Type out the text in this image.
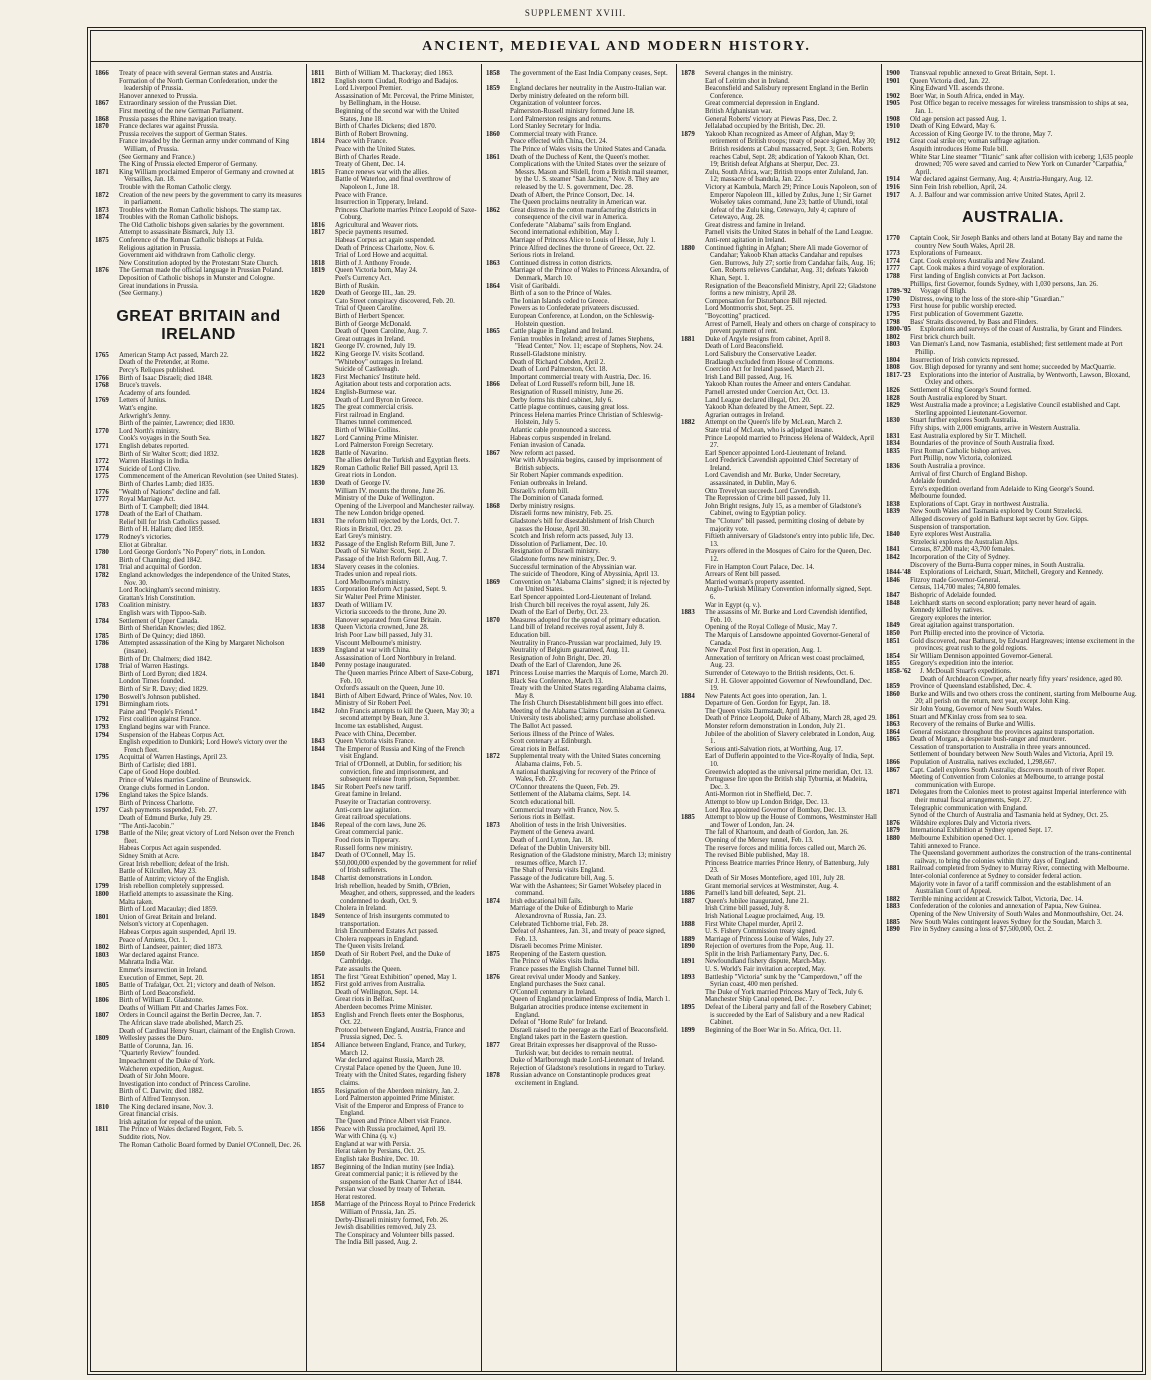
SUPPLEMENT XVIII.
ANCIENT, MEDIEVAL AND MODERN HISTORY.
1866	Treaty of peace with several German states and Austria.
Formation of the North German Confederation, under the leadership of Prussia.
Hanover annexed to Prussia.
1867	Extraordinary session of the Prussian Diet.
First meeting of the new German Parliament.
1868	Prussia passes the Rhine navigation treaty.
1870	France declares war against Prussia.
Prussia receives the support of German States.
France invaded by the German army under command of King William, of Prussia.
(See Germany and France.)
The King of Prussia elected Emperor of Germany.
1871	King William proclaimed Emperor of Germany and crowned at Versailles, Jan. 18.
Trouble with the Roman Catholic clergy.
1872	Creation of the new peers by the government to carry its measures in parliament.
1873	Troubles with the Roman Catholic bishops. The stamp tax.
1874	Troubles with the Roman Catholic bishops.
The Old Catholic bishops given salaries by the government.
Attempt to assassinate Bismarck, July 13.
1875	Conference of the Roman Catholic bishops at Fulda.
Religious agitation in Prussia.
Government aid withdrawn from Catholic clergy.
New Constitution adopted by the Protestant State Church.
1876	The German made the official language in Prussian Poland.
Deposition of Catholic bishops in Munster and Cologne.
Great inundations in Prussia.
(See Germany.)
GREAT BRITAIN and IRELAND
1765	American Stamp Act passed, March 22.
Death of the Pretender, at Rome.
Percy's Reliques published.
1766	Birth of Isaac Disraeli; died 1848.
1768	Bruce's travels.
Academy of arts founded.
1769	Letters of Junius.
Watt's engine.
Arkwright's Jenny.
Birth of the painter, Lawrence; died 1830.
1770	Lord North's ministry.
Cook's voyages in the South Sea.
1771	English debates reported.
Birth of Sir Walter Scott; died 1832.
1772	Warren Hastings in India.
1774	Suicide of Lord Clive.
1775	Commencement of the American Revolution (see United States).
Birth of Charles Lamb; died 1835.
1776	"Wealth of Nations" decline and fall.
1777	Royal Marriage Act.
Birth of T. Campbell; died 1844.
1778	Death of the Earl of Chatham.
Relief bill for Irish Catholics passed.
Birth of H. Hallam; died 1859.
1779	Rodney's victories.
Eliot at Gibraltar.
1780	Lord George Gordon's "No Popery" riots, in London.
Birth of Channing; died 1842.
1781	Trial and acquittal of Gordon.
1782	England acknowledges the independence of the United States, Nov. 30.
Lord Rockingham's second ministry.
Grattan's Irish Constitution.
1783	Coalition ministry.
English wars with Tippoo-Saib.
1784	Settlement of Upper Canada.
Birth of Sheridan Knowles; died 1862.
1785	Birth of De Quincy; died 1860.
1786	Attempted assassination of the King by Margaret Nicholson (insane).
Birth of Dr. Chalmers; died 1842.
1788	Trial of Warren Hastings.
Birth of Lord Byron; died 1824.
London Times founded.
Birth of Sir R. Davy; died 1829.
1790	Boswell's Johnson published.
1791	Birmingham riots.
Paine and "People's Friend."
1792	First coalition against France.
1793	England begins war with France.
1794	Suspension of the Habeas Corpus Act.
English expedition to Dunkirk; Lord Howe's victory over the French fleet.
1795	Acquittal of Warren Hastings, April 23.
Birth of Carlisle; died 1881.
Cape of Good Hope doubled.
Prince of Wales marries Caroline of Brunswick.
Orange clubs formed in London.
1796	England takes the Spice Islands.
Birth of Princess Charlotte.
1797	Cash payments suspended, Feb. 27.
Death of Edmund Burke, July 29.
"The Anti-Jacobin."
1798	Battle of the Nile; great victory of Lord Nelson over the French fleet.
Habeas Corpus Act again suspended.
Sidney Smith at Acre.
Great Irish rebellion; defeat of the Irish.
Battle of Kilcullen, May 23.
Battle of Antrim; victory of the English.
1799	Irish rebellion completely suppressed.
1800	Hatfield attempts to assassinate the King.
Malta taken.
Birth of Lord Macaulay; died 1859.
1801	Union of Great Britain and Ireland.
Nelson's victory at Copenhagen.
Habeas Corpus again suspended, April 19.
Peace of Amiens, Oct. 1.
1802	Birth of Landseer, painter; died 1873.
1803	War declared against France.
Mahratta India War.
Emmet's insurrection in Ireland.
Execution of Emmet, Sept. 20.
1805	Battle of Trafalgar, Oct. 21; victory and death of Nelson.
Birth of Lord Beaconsfield.
1806	Birth of William E. Gladstone.
Deaths of William Pitt and Charles James Fox.
1807	Orders in Council against the Berlin Decree, Jan. 7.
The African slave trade abolished, March 25.
Death of Cardinal Henry Stuart, claimant of the English Crown.
1809	Wellesley passes the Duro.
Battle of Corunna, Jan. 16.
"Quarterly Review" founded.
Impeachment of the Duke of York.
Walcheren expedition, August.
Death of Sir John Moore.
Investigation into conduct of Princess Caroline.
Birth of C. Darwin; died 1882.
Birth of Alfred Tennyson.
1810	The King declared insane, Nov. 3.
Great financial crisis.
Irish agitation for repeal of the union.
1811	The Prince of Wales declared Regent, Feb. 5.
Suddite riots, Nov.
The Roman Catholic Board formed by Daniel O'Connell, Dec. 26.
1811	Birth of William M. Thackeray; died 1863.
1812	English storm Ciudad, Rodrigo and Badajos.
Lord Liverpool Premier.
Assassination of Mr. Perceval, the Prime Minister, by Bellingham, in the House.
Beginning of the second war with the United States, June 18.
Birth of Charles Dickens; died 1870.
Birth of Robert Browning.
1814	Peace with France.
Peace with the United States.
Birth of Charles Reade.
Treaty of Ghent, Dec. 14.
1815	France renews war with the allies.
Battle of Waterloo, and final overthrow of Napoleon I., June 18.
Peace with France.
Insurrection in Tipperary, Ireland.
Princess Charlotte marries Prince Leopold of Saxe-Coburg.
1816	Agricultural and Weaver riots.
1817	Specie payments resumed.
Habeas Corpus act again suspended.
Death of Princess Charlotte, Nov. 6.
Trial of Lord Howe and acquittal.
1818	Birth of J. Anthony Froude.
1819	Queen Victoria born, May 24.
Peel's Currency Act.
Birth of Ruskin.
1820	Death of George III., Jan. 29.
Cato Street conspiracy discovered, Feb. 20.
Trial of Queen Caroline.
Birth of Herbert Spencer.
Birth of George McDonald.
Death of Queen Caroline, Aug. 7.
Great outrages in Ireland.
1821	George IV. crowned, July 19.
1822	King George IV. visits Scotland.
"Whiteboy" outrages in Ireland.
Suicide of Castlereagh.
1823	First Mechanics' Institute held.
Agitation about tests and corporation acts.
1824	English-Burmese war.
Death of Lord Byron in Greece.
1825	The great commercial crisis.
First railroad in England.
Thames tunnel commenced.
Birth of Wilkie Collins.
1827	Lord Canning Prime Minister.
Lord Palmerston Foreign Secretary.
1828	Battle of Navarino.
The allies defeat the Turkish and Egyptian fleets.
1829	Roman Catholic Relief Bill passed, April 13.
Great riots in London.
1830	Death of George IV.
William IV. mounts the throne, June 26.
Ministry of the Duke of Wellington.
Opening of the Liverpool and Manchester railway.
The new London bridge opened.
1831	The reform bill rejected by the Lords, Oct. 7.
Riots in Bristol, Oct. 29.
Earl Grey's ministry.
1832	Passage of the English Reform Bill, June 7.
Death of Sir Walter Scott, Sept. 2.
Passage of the Irish Reform Bill, Aug. 7.
1834	Slavery ceases in the colonies.
Trades union and repeal riots.
Lord Melbourne's ministry.
1835	Corporation Reform Act passed, Sept. 9.
Sir Walter Peel Prime Minister.
1837	Death of William IV.
Victoria succeeds to the throne, June 20.
Hanover separated from Great Britain.
1838	Queen Victoria crowned, June 28.
Irish Poor Law bill passed, July 31.
Viscount Melbourne's ministry.
1839	England at war with China.
Assassination of Lord Northbury in Ireland.
1840	Penny postage inaugurated.
The Queen marries Prince Albert of Saxe-Coburg, Feb. 10.
Oxford's assault on the Queen, June 10.
1841	Birth of Albert Edward, Prince of Wales, Nov. 10.
Ministry of Sir Robert Peel.
1842	John Francis attempts to kill the Queen, May 30; a second attempt by Bean, June 3.
Income tax established, August.
Peace with China, December.
1843	Queen Victoria visits France.
1844	The Emperor of Russia and King of the French visit England.
Trial of O'Donnell, at Dublin, for sedition; his conviction, fine and imprisonment, and subsequent release from prison, September.
1845	Sir Robert Peel's new tariff.
Great famine in Ireland.
Puseyite or Tractarian controversy.
Anti-corn law agitation.
Great railroad speculations.
1846	Repeal of the corn laws, June 26.
Great commercial panic.
Food riots in Tipperary.
Russell forms new ministry.
1847	Death of O'Connell, May 15.
$50,000,000 expended by the government for relief of Irish sufferers.
1848	Chartist demonstrations in London.
Irish rebellion, headed by Smith, O'Brien, Meagher, and others, suppressed, and the leaders condemned to death, Oct. 9.
Cholera in Ireland.
1849	Sentence of Irish insurgents commuted to transportation.
Irish Encumbered Estates Act passed.
Cholera reappears in England.
The Queen visits Ireland.
1850	Death of Sir Robert Peel, and the Duke of Cambridge.
Pate assaults the Queen.
1851	The first "Great Exhibition" opened, May 1.
1852	First gold arrives from Australia.
Death of Wellington, Sept. 14.
Great riots in Belfast.
Aberdeen becomes Prime Minister.
1853	English and French fleets enter the Bosphorus, Oct. 22.
Protocol between England, Austria, France and Prussia signed, Dec. 5.
1854	Alliance between England, France, and Turkey, March 12.
War declared against Russia, March 28.
Crystal Palace opened by the Queen, June 10.
Treaty with the United States, regarding fishery claims.
1855	Resignation of the Aberdeen ministry, Jan. 2.
Lord Palmerston appointed Prime Minister.
Visit of the Emperor and Empress of France to England.
The Queen and Prince Albert visit France.
1856	Peace with Russia proclaimed, April 19.
War with China (q. v.)
England at war with Persia.
Herat taken by Persians, Oct. 25.
English take Bushire, Dec. 10.
1857	Beginning of the Indian mutiny (see India).
Great commercial panic; it is relieved by the suspension of the Bank Charter Act of 1844.
Persian war closed by treaty of Teheran.
Herat restored.
1858	Marriage of the Princess Royal to Prince Frederick William of Prussia, Jan. 25.
Derby-Disraeli ministry formed, Feb. 26.
Jewish disabilities removed, July 23.
The Conspiracy and Volunteer bills passed.
The India Bill passed, Aug. 2.
1858	The government of the East India Company ceases, Sept. 1.
1859	England declares her neutrality in the Austro-Italian war.
Derby ministry defeated on the reform bill.
Organization of volunteer forces.
Palmerston-Russell ministry formed June 18.
Lord Palmerston resigns and returns.
Lord Stanley Secretary for India.
1860	Commercial treaty with France.
Peace effected with China, Oct. 24.
The Prince of Wales visits the United States and Canada.
1861	Death of the Duchess of Kent, the Queen's mother.
Complications with the United States over the seizure of Messrs. Mason and Slidell, from a British mail steamer, by the U. S. steamer "San Jacinto," Nov. 8. They are released by the U. S. government, Dec. 28.
Death of Albert, the Prince Consort, Dec. 14.
The Queen proclaims neutrality in American war.
1862	Great distress in the cotton manufacturing districts in consequence of the civil war in America.
Confederate "Alabama" sails from England.
Second international exhibition, May 1.
Marriage of Princess Alice to Louis of Hesse, July 1.
Prince Alfred declines the throne of Greece, Oct. 22.
Serious riots in Ireland.
1863	Continued distress in cotton districts.
Marriage of the Prince of Wales to Princess Alexandra, of Denmark, March 10.
1864	Visit of Garibaldi.
Birth of a son to the Prince of Wales.
The Ionian Islands ceded to Greece.
Powers as to Confederate privateers discussed.
European Conference, at London, on the Schleswig-Holstein question.
1865	Cattle plague in England and Ireland.
Fenian troubles in Ireland; arrest of James Stephens, "Head Center," Nov. 11; escape of Stephens, Nov. 24.
Russell-Gladstone ministry.
Death of Richard Cobden, April 2.
Death of Lord Palmerston, Oct. 18.
Important commercial treaty with Austria, Dec. 16.
1866	Defeat of Lord Russell's reform bill, June 18.
Resignation of Russell ministry, June 26.
Derby forms his third cabinet, July 6.
Cattle plague continues, causing great loss.
Princess Helena marries Prince Christian of Schleswig-Holstein, July 5.
Atlantic cable pronounced a success.
Habeas corpus suspended in Ireland.
Fenian invasion of Canada.
1867	New reform act passed.
War with Abyssinia begins, caused by imprisonment of British subjects.
Sir Robert Napier commands expedition.
Fenian outbreaks in Ireland.
Disraeli's reform bill.
The Dominion of Canada formed.
1868	Derby ministry resigns.
Disraeli forms new ministry, Feb. 25.
Gladstone's bill for disestablishment of Irish Church passes the House, April 30.
Scotch and Irish reform acts passed, July 13.
Dissolution of Parliament, Dec. 10.
Resignation of Disraeli ministry.
Gladstone forms new ministry, Dec. 9.
Successful termination of the Abyssinian war.
The suicide of Theodore, King of Abyssinia, April 13.
1869	Convention on "Alabama Claims" signed; it is rejected by the United States.
Earl Spencer appointed Lord-Lieutenant of Ireland.
Irish Church bill receives the royal assent, July 26.
Death of the Earl of Derby, Oct. 23.
1870	Measures adopted for the spread of primary education.
Land bill of Ireland receives royal assent, July 8.
Education bill.
Neutrality in Franco-Prussian war proclaimed, July 19.
Neutrality of Belgium guaranteed, Aug. 11.
Resignation of John Bright, Dec. 20.
Death of the Earl of Clarendon, June 26.
1871	Princess Louise marries the Marquis of Lorne, March 20.
Black Sea Conference, March 13.
Treaty with the United States regarding Alabama claims, May 8.
The Irish Church Disestablishment bill goes into effect.
Meeting of the Alabama Claims Commission at Geneva.
University tests abolished; army purchase abolished.
The Ballot Act passed.
Serious illness of the Prince of Wales.
Scott centenary at Edinburgh.
Great riots in Belfast.
1872	Supplemental treaty with the United States concerning Alabama claims, Feb. 5.
A national thanksgiving for recovery of the Prince of Wales, Feb. 27.
O'Connor threatens the Queen, Feb. 29.
Settlement of the Alabama claims, Sept. 14.
Scotch educational bill.
Commercial treaty with France, Nov. 5.
Serious riots in Belfast.
1873	Abolition of tests in the Irish Universities.
Payment of the Geneva award.
Death of Lord Lytton, Jan. 18.
Defeat of the Dublin University bill.
Resignation of the Gladstone ministry, March 13; ministry resumes office, March 17.
The Shah of Persia visits England.
Passage of the Judicature bill, Aug. 5.
War with the Ashantees; Sir Garnet Wolseley placed in command.
1874	Irish educational bill fails.
Marriage of the Duke of Edinburgh to Marie Alexandrovna of Russia, Jan. 23.
Celebrated Tichborne trial, Feb. 28.
Defeat of Ashantees, Jan. 31, and treaty of peace signed, Feb. 13.
Disraeli becomes Prime Minister.
1875	Reopening of the Eastern question.
The Prince of Wales visits India.
France passes the English Channel Tunnel bill.
1876	Great revival under Moody and Sankey.
England purchases the Suez canal.
O'Connell centenary in Ireland.
Queen of England proclaimed Empress of India, March 1.
Bulgarian atrocities produce intense excitement in England.
Defeat of "Home Rule" for Ireland.
Disraeli raised to the peerage as the Earl of Beaconsfield.
England takes part in the Eastern question.
1877	Great Britain expresses her disapproval of the Russo-Turkish war, but decides to remain neutral.
Duke of Marlborough made Lord-Lieutenant of Ireland.
Rejection of Gladstone's resolutions in regard to Turkey.
1878	Russian advance on Constantinople produces great excitement in England.
1878	Several changes in the ministry.
Earl of Leitrim shot in Ireland.
Beaconsfield and Salisbury represent England in the Berlin Conference.
Great commercial depression in England.
British Afghanistan war.
General Roberts' victory at Piewas Pass, Dec. 2.
Jellalabad occupied by the British, Dec. 20.
1879	Yakoob Khan recognized as Ameer of Afghan, May 9; retirement of British troops; treaty of peace signed, May 30; British residents at Cabul massacred, Sept. 3; Gen. Roberts reaches Cabul, Sept. 28; abdication of Yakoob Khan, Oct. 19; British defeat Afghans at Sherpur, Dec. 23.
Zulu, South Africa, war; British troops enter Zululand, Jan. 12; massacre of Isandula, Jan. 22.
Victory at Kambula, March 29; Prince Louis Napoleon, son of Emperor Napoleon III., killed by Zulus, June 1; Sir Garnet Wolseley takes command, June 23; battle of Ulundi, total defeat of the Zulu king, Cetewayo, July 4; capture of Cetewayo, Aug. 28.
Great distress and famine in Ireland.
Parnell visits the United States in behalf of the Land League.
Anti-rent agitation in Ireland.
1880	Continued fighting in Afghan; Shere Ali made Governor of Candahar; Yakoob Khan attacks Candahar and repulses Gen. Burrows, July 27; sortie from Candahar fails, Aug. 16; Gen. Roberts relieves Candahar, Aug. 31; defeats Yakoob Khan, Sept. 1.
Resignation of the Beaconsfield Ministry, April 22; Gladstone forms a new ministry, April 28.
Compensation for Disturbance Bill rejected.
Lord Montmorris shot, Sept. 25.
"Boycotting" practiced.
Arrest of Parnell, Healy and others on charge of conspiracy to prevent payment of rent.
1881	Duke of Argyle resigns from cabinet, April 8.
Death of Lord Beaconsfield.
Lord Salisbury the Conservative Leader.
Bradlaugh excluded from House of Commons.
Coercion Act for Ireland passed, March 21.
Irish Land Bill passed, Aug. 16.
Yakoob Khan routes the Ameer and enters Candahar.
Parnell arrested under Coercion Act, Oct. 13.
Land League declared illegal, Oct. 20.
Yakoob Khan defeated by the Ameer, Sept. 22.
Agrarian outrages in Ireland.
1882	Attempt on the Queen's life by McLean, March 2.
State trial of McLean, who is adjudged insane.
Prince Leopold married to Princess Helena of Waldeck, April 27.
Earl Spencer appointed Lord-Lieutenant of Ireland.
Lord Frederick Cavendish appointed Chief Secretary of Ireland.
Lord Cavendish and Mr. Burke, Under Secretary, assassinated, in Dublin, May 6.
Otto Trevelyan succeeds Lord Cavendish.
The Repression of Crime bill passed, July 11.
John Bright resigns, July 15, as a member of Gladstone's Cabinet, owing to Egyptian policy.
The "Cloture" bill passed, permitting closing of debate by majority vote.
Fiftieth anniversary of Gladstone's entry into public life, Dec. 13.
Prayers offered in the Mosques of Cairo for the Queen, Dec. 12.
Fire in Hampton Court Palace, Dec. 14.
Arrears of Rent bill passed.
Married woman's property assented.
Anglo-Turkish Military Convention informally signed, Sept. 6.
War in Egypt (q. v.).
1883	The assassins of Mr. Burke and Lord Cavendish identified, Feb. 10.
Opening of the Royal College of Music, May 7.
The Marquis of Lansdowne appointed Governor-General of Canada.
New Parcel Post first in operation, Aug. 1.
Annexation of territory on African west coast proclaimed, Aug. 23.
Surrender of Cetewayo to the British residents, Oct. 6.
Sir J. H. Glover appointed Governor of Newfoundland, Dec. 19.
1884	New Patents Act goes into operation, Jan. 1.
Departure of Gen. Gordon for Egypt, Jan. 18.
The Queen visits Darmstadt, April 16.
Death of Prince Leopold, Duke of Albany, March 28, aged 29.
Monster reform demonstration in London, July 21.
Jubilee of the abolition of Slavery celebrated in London, Aug. 1.
Serious anti-Salvation riots, at Worthing, Aug. 17.
Earl of Dufferin appointed to the Vice-Royalty of India, Sept. 10.
Greenwich adopted as the universal prime meridian, Oct. 13.
Portuguese fire upon the British ship Tyburnia, at Madeira, Dec. 3.
Anti-Mormon riot in Sheffield, Dec. 7.
Attempt to blow up London Bridge, Dec. 13.
Lord Rea appointed Governor of Bombay, Dec. 13.
1885	Attempt to blow up the House of Commons, Westminster Hall and Tower of London, Jan. 24.
The fall of Khartoum, and death of Gordon, Jan. 26.
Opening of the Mersey tunnel, Feb. 13.
The reserve forces and militia forces called out, March 26.
The revised Bible published, May 18.
Princess Beatrice marries Prince Henry, of Battenburg, July 23.
Death of Sir Moses Montefiore, aged 101, July 28.
Grant memorial services at Westminster, Aug. 4.
1886	Parnell's land bill defeated, Sept. 21.
1887	Queen's Jubilee inaugurated, June 21.
Irish Crime bill passed, July 8.
Irish National League proclaimed, Aug. 19.
1888	First White Chapel murder, April 2.
U. S. Fishery Commission treaty signed.
1889	Marriage of Princess Louise of Wales, July 27.
1890	Rejection of overtures from the Pope, Aug. 11.
Split in the Irish Parliamentary Party, Dec. 6.
1891	Newfoundland fishery dispute, March-May.
U. S. World's Fair invitation accepted, May.
1893	Battleship "Victoria" sunk by the "Camperdown," off the Syrian coast, 400 men perished.
The Duke of York married Princess Mary of Teck, July 6.
Manchester Ship Canal opened, Dec. 7.
1895	Defeat of the Liberal party and fall of the Rosebery Cabinet; is succeeded by the Earl of Salisbury and a new Radical Cabinet.
1899	Beginning of the Boer War in So. Africa, Oct. 11.
1900	Transvaal republic annexed to Great Britain, Sept. 1.
1901	Queen Victoria died, Jan. 22.
King Edward VII. ascends throne.
1902	Boer War, in South Africa, ended in May.
1905	Post Office began to receive messages for wireless transmission to ships at sea, Jan. 1.
1908	Old age pension act passed Aug. 1.
1910	Death of King Edward, May 6.
Accession of King George IV. to the throne, May 7.
1912	Great coal strike on; woman suffrage agitation.
Asquith introduces Home Rule bill.
White Star Line steamer "Titanic" sank after collision with iceberg; 1,635 people drowned; 705 were saved and carried to New York on Cunarder "Carpathia," April.
1914	War declared against Germany, Aug. 4; Austria-Hungary, Aug. 12.
1916	Sinn Fein Irish rebellion, April, 24.
1917	A. J. Balfour and war commission arrive United States, April 2.
AUSTRALIA.
1770	Captain Cook, Sir Joseph Banks and others land at Botany Bay and name the country New South Wales, April 28.
1773	Explorations of Furneaux.
1774	Capt. Cook explores Australia and New Zealand.
1777	Capt. Cook makes a third voyage of exploration.
1788	First landing of English convicts at Port Jackson.
Phillips, first Governor, founds Sydney, with 1,030 persons, Jan. 26.
1789-'92	Voyage of Bligh.
1790	Distress, owing to the loss of the store-ship "Guardian."
1793	First house for public worship erected.
1795	First publication of Government Gazette.
1798	Bass' Straits discovered, by Bass and Flinders.
1800-'05	Explorations and surveys of the coast of Australia, by Grant and Flinders.
1802	First brick church built.
1803	Van Dieman's Land, now Tasmania, established; first settlement made at Port Phillip.
1804	Insurrection of Irish convicts repressed.
1808	Gov. Bligh deposed for tyranny and sent home; succeeded by MacQuarrie.
1817-'23	Explorations into the interior of Australia, by Wentworth, Lawson, Bloxand, Oxley and others.
1826	Settlement of King George's Sound formed.
1828	South Australia explored by Stuart.
1829	West Australia made a province; a Legislative Council established and Capt. Sterling appointed Lieutenant-Governor.
1830	Stuart further explores South Australia.
Fifty ships, with 2,000 emigrants, arrive in Western Australia.
1831	East Australia explored by Sir T. Mitchell.
1834	Boundaries of the province of South Australia fixed.
1835	First Roman Catholic bishop arrives.
Port Phillip, now Victoria, colonized.
1836	South Australia a province.
Arrival of first Church of England Bishop.
Adelaide founded.
Eyre's expedition overland from Adelaide to King George's Sound.
Melbourne founded.
1838	Explorations of Capt. Gray in northwest Australia.
1839	New South Wales and Tasmania explored by Count Strzelecki.
Alleged discovery of gold in Bathurst kept secret by Gov. Gipps.
Suspension of transportation.
1840	Eyre explores West Australia.
Strzelecki explores the Australian Alps.
1841	Census, 87,200 male; 43,700 females.
1842	Incorporation of the City of Sydney.
Discovery of the Burra-Burra copper mines, in South Australia.
1844-'48	Explorations of Leichardt, Stuart, Mitchell, Gregory and Kennedy.
1846	Fitzroy made Governor-General.
Census, 114,700 males; 74,800 females.
1847	Bishopric of Adelaide founded.
1848	Leichhardt starts on second exploration; party never heard of again.
Kennedy killed by natives.
Gregory explores the interior.
1849	Great agitation against transportation.
1850	Port Phillip erected into the province of Victoria.
1851	Gold discovered, near Bathurst, by Edward Hargreaves; intense excitement in the provinces; great rush to the gold regions.
1854	Sir William Dennison appointed Governor-General.
1855	Gregory's expedition into the interior.
1858-'62	J. McDouall Stuart's expeditions.
Death of Archdeacon Cowper, after nearly fifty years' residence, aged 80.
1859	Province of Queensland established, Dec. 4.
1860	Burke and Wills and two others cross the continent, starting from Melbourne Aug. 20; all perish on the return, next year, except John King.
Sir John Young, Governor of New South Wales.
1861	Stuart and M'Kinlay cross from sea to sea.
1863	Recovery of the remains of Burke and Willis.
1864	General resistance throughout the provinces against transportation.
1865	Death of Morgan, a desperate bush-ranger and murderer.
Cessation of transportation to Australia in three years announced.
Settlement of boundary between New South Wales and Victoria, April 19.
1866	Population of Australia, natives excluded, 1,298,667.
1867	Capt. Cadell explores South Australia; discovers mouth of river Roper.
Meeting of Convention from Colonies at Melbourne, to arrange postal communication with Europe.
1871	Delegates from the Colonies meet to protest against Imperial interference with their mutual fiscal arrangements, Sept. 27.
Telegraphic communication with England.
Synod of the Church of Australia and Tasmania held at Sydney, Oct. 25.
1876	Wildshire explores Daly and Victoria rivers.
1879	International Exhibition at Sydney opened Sept. 17.
1880	Melbourne Exhibition opened Oct. 1.
Tahiti annexed to France.
The Queensland government authorizes the construction of the trans-continental railway, to bring the colonies within thirty days of England.
1881	Railroad completed from Sydney to Murray River, connecting with Melbourne.
Inter-colonial conference at Sydney to consider federal action.
Majority vote in favor of a tariff commission and the establishment of an Australian Court of Appeal.
1882	Terrible mining accident at Creswick Talbot, Victoria, Dec. 14.
1883	Confederation of the colonies and annexation of Papua, New Guinea.
Opening of the New University of South Wales and Monmouthshire, Oct. 24.
1885	New South Wales contingent leaves Sydney for the Soudan, March 3.
1890	Fire in Sydney causing a loss of $7,500,000, Oct. 2.
